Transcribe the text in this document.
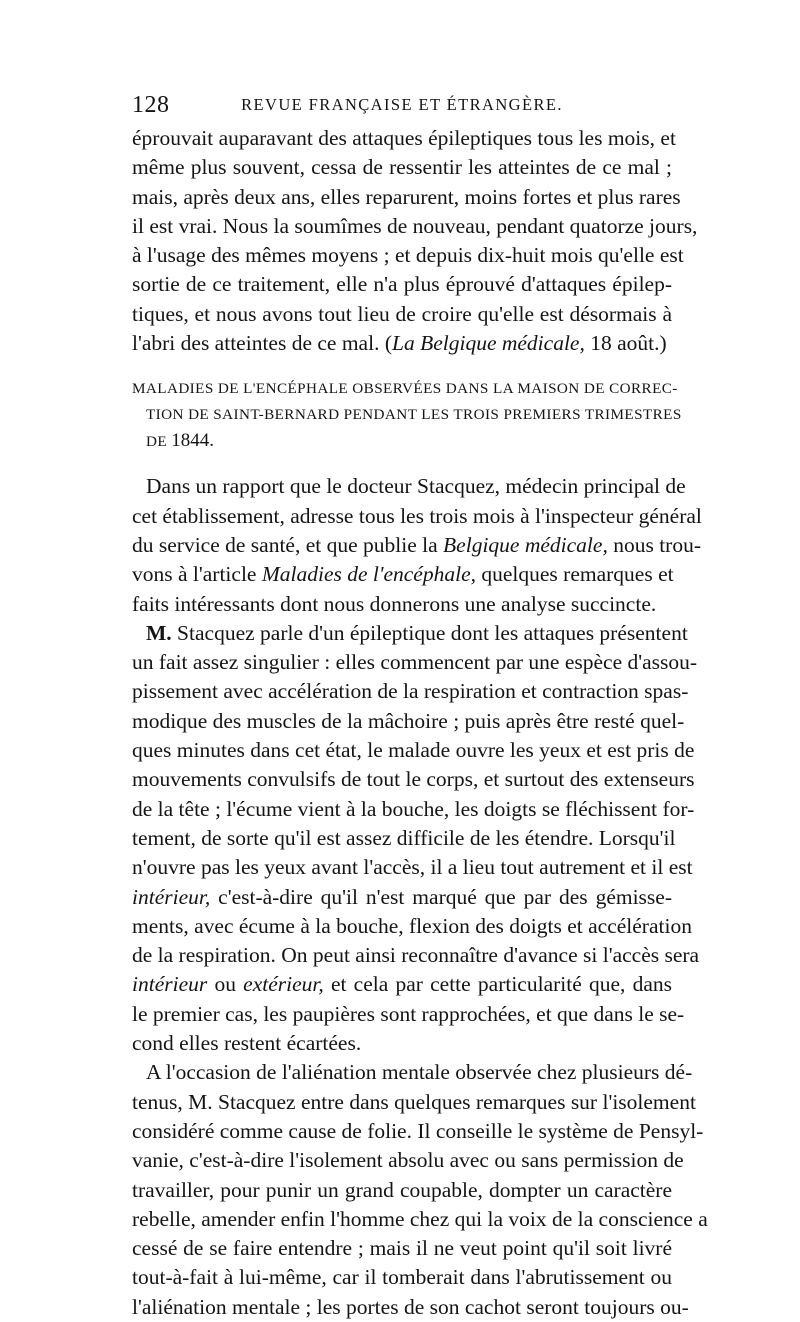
128	REVUE FRANÇAISE ET ÉTRANGÈRE.
éprouvait auparavant des attaques épileptiques tous les mois, et
même plus souvent, cessa de ressentir les atteintes de ce mal ;
mais, après deux ans, elles reparurent, moins fortes et plus rares
il est vrai. Nous la soumîmes de nouveau, pendant quatorze jours,
à l'usage des mêmes moyens ; et depuis dix-huit mois qu'elle est
sortie de ce traitement, elle n'a plus éprouvé d'attaques épilep-
tiques, et nous avons tout lieu de croire qu'elle est désormais à
l'abri des atteintes de ce mal. (La Belgique médicale, 18 août.)
MALADIES DE L'ENCÉPHALE OBSERVÉES DANS LA MAISON DE CORREC-
TION DE SAINT-BERNARD PENDANT LES TROIS PREMIERS TRIMESTRES
DE 1844.
Dans un rapport que le docteur Stacquez, médecin principal de
cet établissement, adresse tous les trois mois à l'inspecteur général
du service de santé, et que publie la Belgique médicale, nous trou-
vons à l'article Maladies de l'encéphale, quelques remarques et
faits intéressants dont nous donnerons une analyse succincte.
M. Stacquez parle d'un épileptique dont les attaques présentent
un fait assez singulier : elles commencent par une espèce d'assou-
pissement avec accélération de la respiration et contraction spas-
modique des muscles de la mâchoire ; puis après être resté quel-
ques minutes dans cet état, le malade ouvre les yeux et est pris de
mouvements convulsifs de tout le corps, et surtout des extenseurs
de la tête ; l'écume vient à la bouche, les doigts se fléchissent for-
tement, de sorte qu'il est assez difficile de les étendre. Lorsqu'il
n'ouvre pas les yeux avant l'accès, il a lieu tout autrement et il est
intérieur, c'est-à-dire qu'il n'est marqué que par des gémisse-
ments, avec écume à la bouche, flexion des doigts et accélération
de la respiration. On peut ainsi reconnaître d'avance si l'accès sera
intérieur ou extérieur, et cela par cette particularité que, dans
le premier cas, les paupières sont rapprochées, et que dans le se-
cond elles restent écartées.
A l'occasion de l'aliénation mentale observée chez plusieurs dé-
tenus, M. Stacquez entre dans quelques remarques sur l'isolement
considéré comme cause de folie. Il conseille le système de Pensyl-
vanie, c'est-à-dire l'isolement absolu avec ou sans permission de
travailler, pour punir un grand coupable, dompter un caractère
rebelle, amender enfin l'homme chez qui la voix de la conscience a
cessé de se faire entendre ; mais il ne veut point qu'il soit livré
tout-à-fait à lui-même, car il tomberait dans l'abrutissement ou
l'aliénation mentale ; les portes de son cachot seront toujours ou-
